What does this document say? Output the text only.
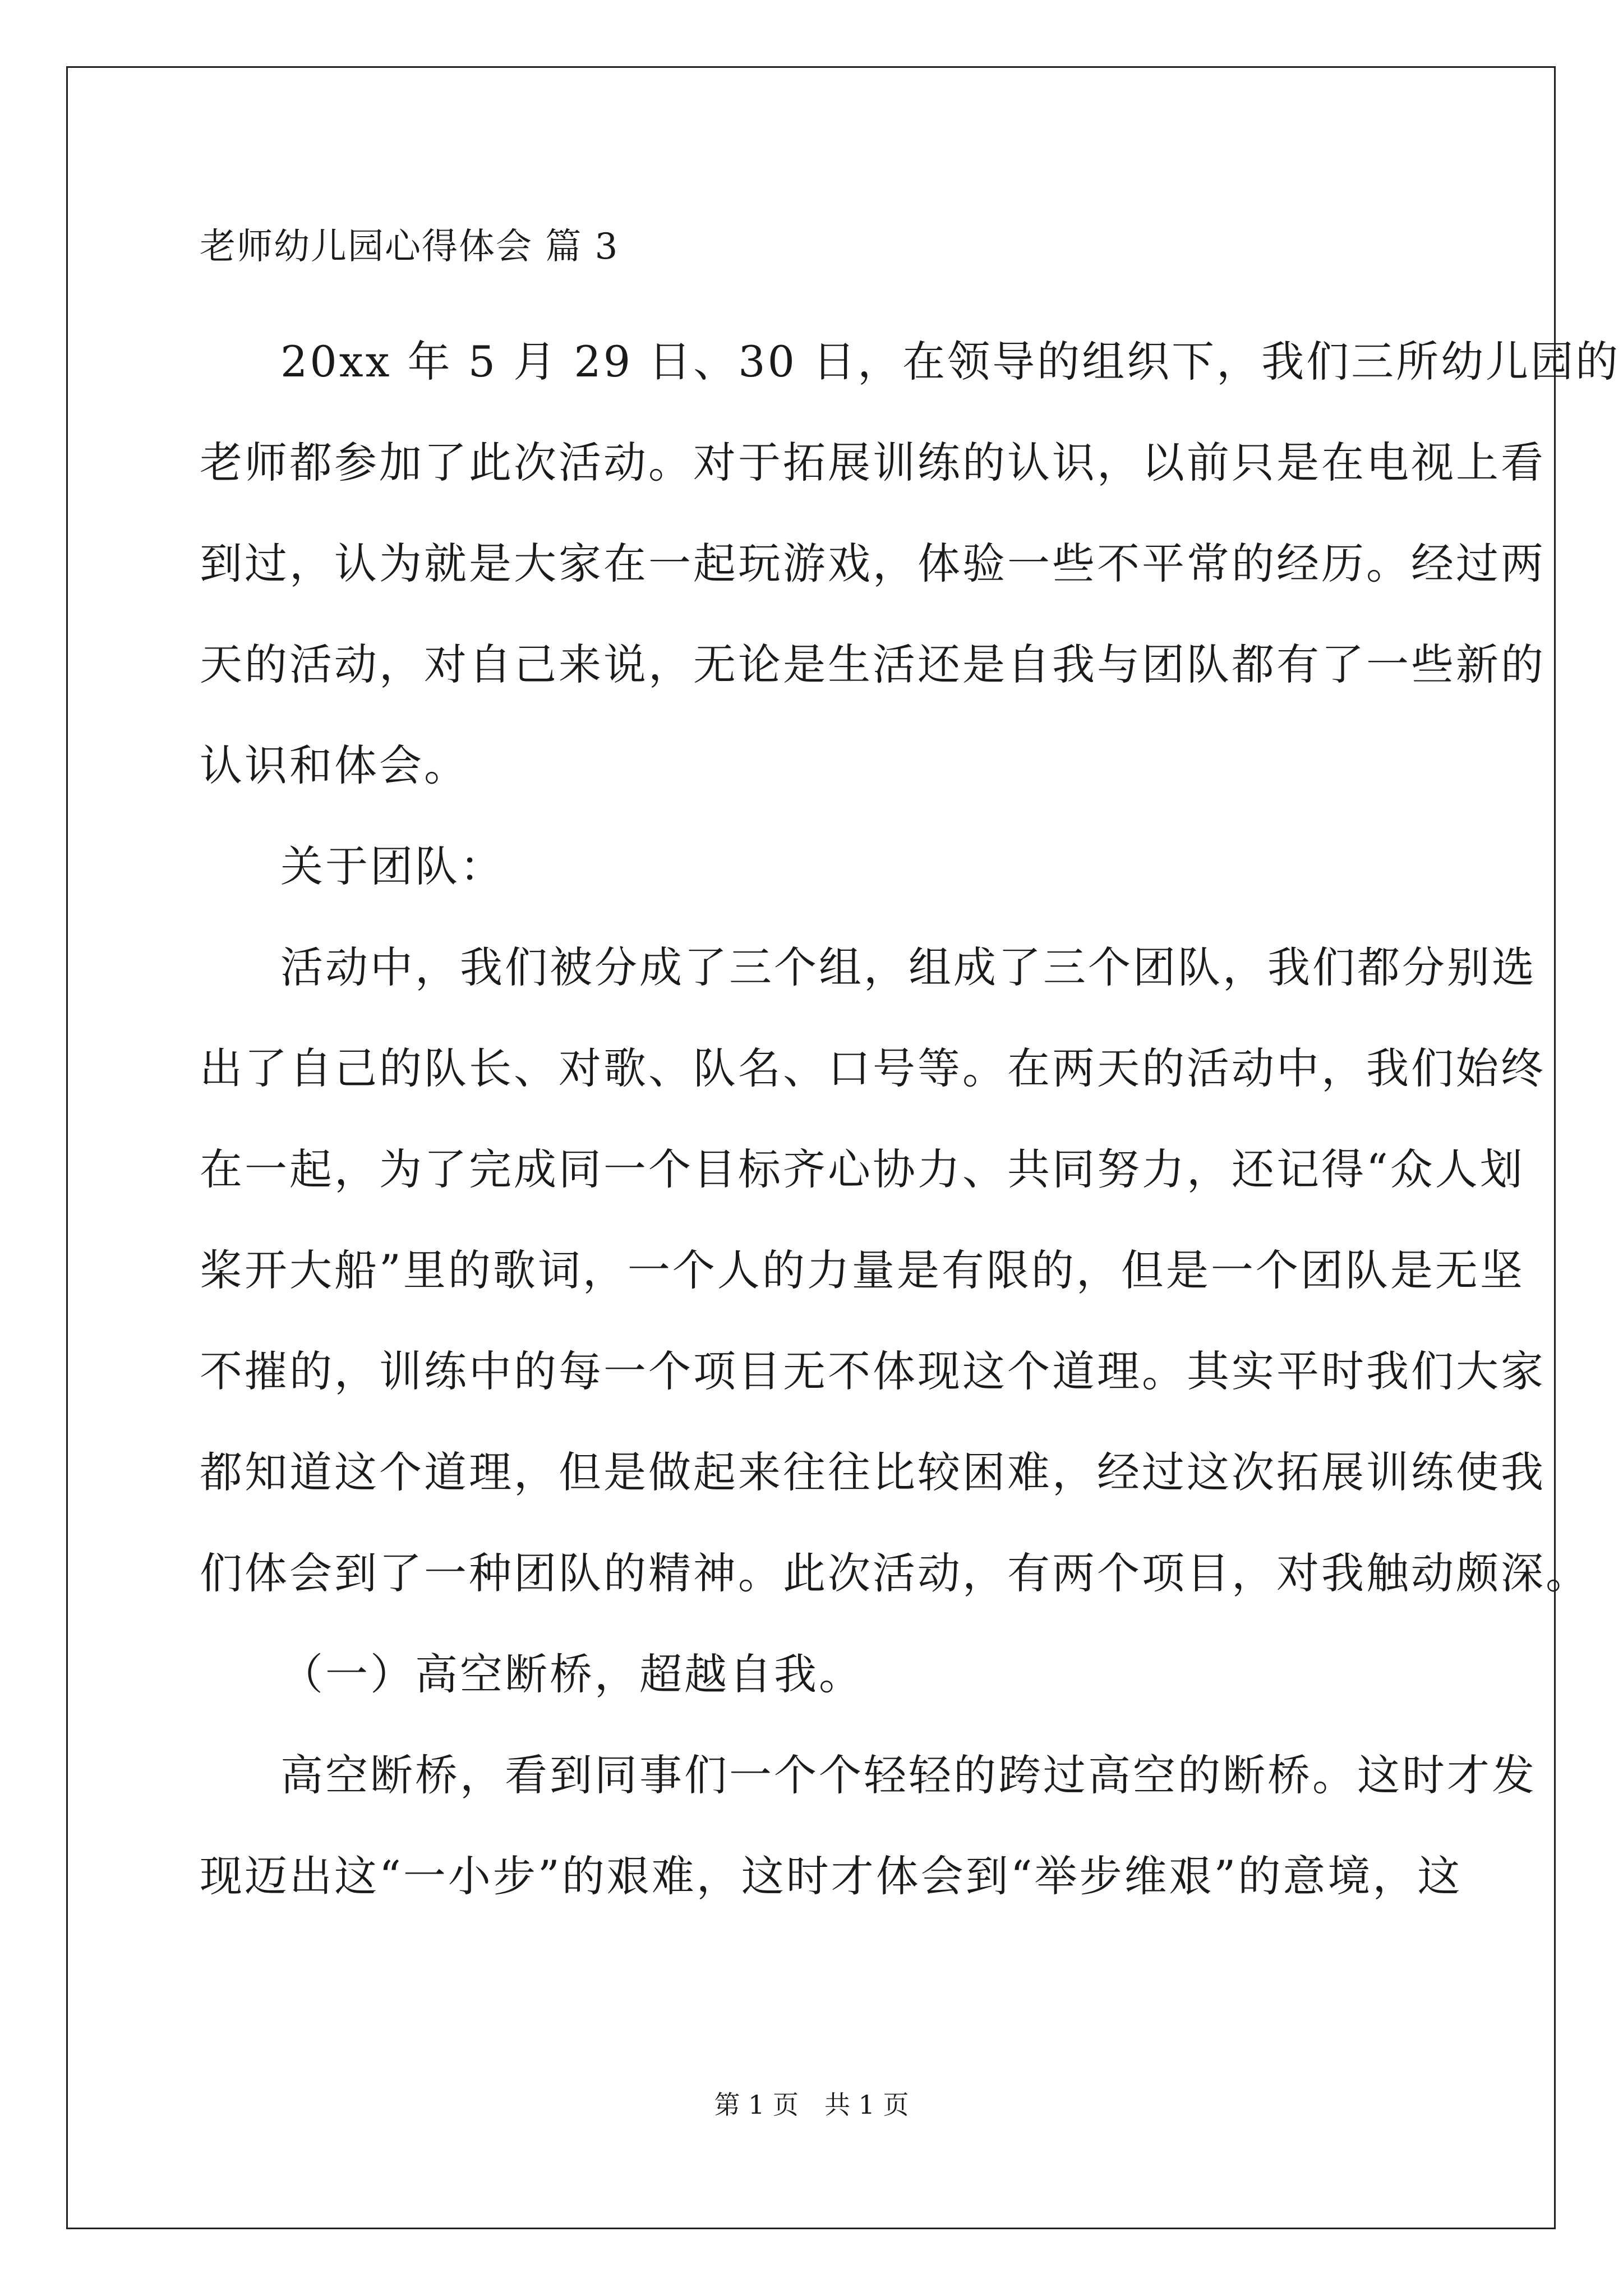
老师幼儿园心得体会 篇 3
20xx 年 5 月 29 日、30 日，在领导的组织下，我们三所幼儿园的
老师都参加了此次活动。对于拓展训练的认识，以前只是在电视上看
到过，认为就是大家在一起玩游戏，体验一些不平常的经历。经过两
天的活动，对自己来说，无论是生活还是自我与团队都有了一些新的
认识和体会。
关于团队：
活动中，我们被分成了三个组，组成了三个团队，我们都分别选
出了自己的队长、对歌、队名、口号等。在两天的活动中，我们始终
在一起，为了完成同一个目标齐心协力、共同努力，还记得“众人划
桨开大船”里的歌词，一个人的力量是有限的，但是一个团队是无坚
不摧的，训练中的每一个项目无不体现这个道理。其实平时我们大家
都知道这个道理，但是做起来往往比较困难，经过这次拓展训练使我
们体会到了一种团队的精神。此次活动，有两个项目，对我触动颇深。
（一）高空断桥，超越自我。
高空断桥，看到同事们一个个轻轻的跨过高空的断桥。这时才发
现迈出这“一小步”的艰难，这时才体会到“举步维艰”的意境，这
第 1 页　共 1 页
